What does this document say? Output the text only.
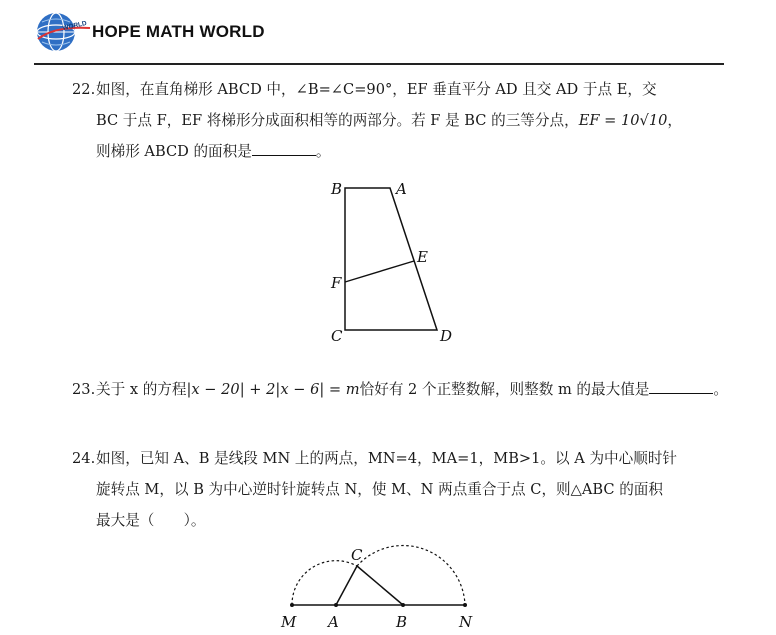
WORLD HOPE MATH WORLD
22.如图，在直角梯形 ABCD 中，∠B=∠C=90°，EF 垂直平分 AD 且交 AD 于点 E，交
BC 于点 F，EF 将梯形分成面积相等的两部分。若 F 是 BC 的三等分点，EF = 10√10，
则梯形 ABCD 的面积是	。
B	A
E
F
C	D
23.关于 x 的方程|x − 20| + 2|x − 6| = m恰好有 2 个正整数解，则整数 m 的最大值是	。
24.如图，已知 A、B 是线段 MN 上的两点，MN=4，MA=1，MB>1。以 A 为中心顺时针
旋转点 M，以 B 为中心逆时针旋转点 N，使 M、N 两点重合于点 C，则△ABC 的面积
最大是（　　）。
C
M A	B	N
